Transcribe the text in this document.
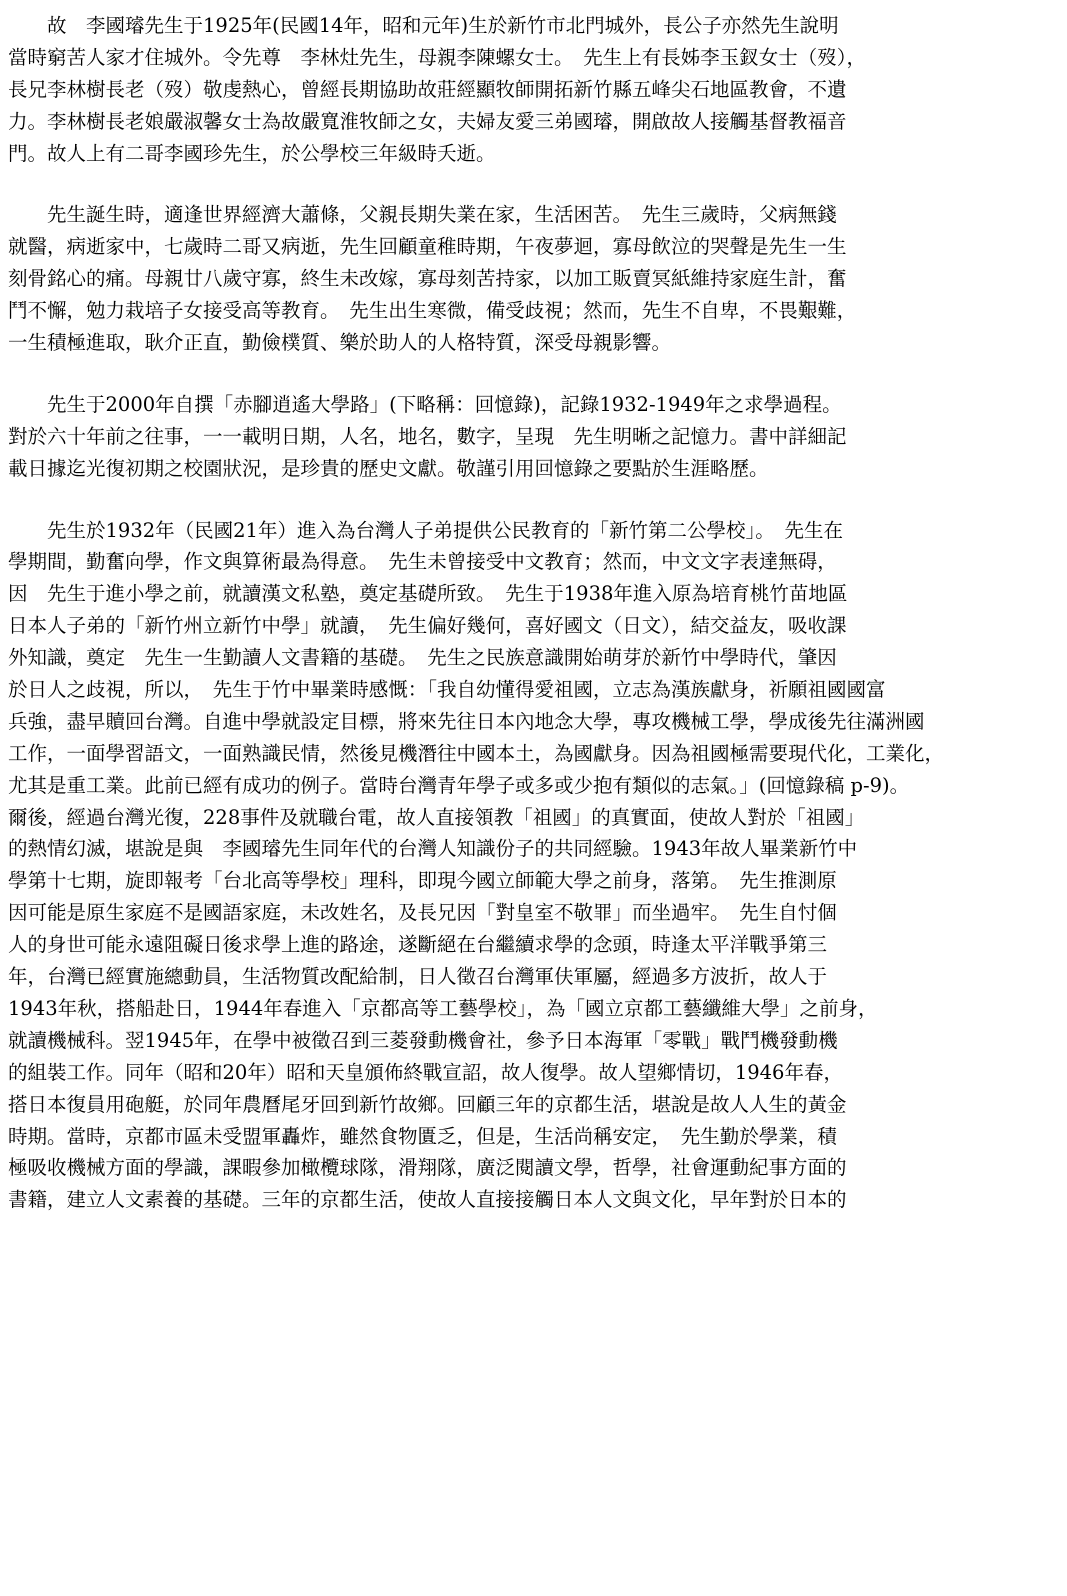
　　故　李國璿先生于1925年(民國14年，昭和元年)生於新竹市北門城外，長公子亦然先生說明
當時窮苦人家才住城外。令先尊　李林灶先生，母親李陳螺女士。　先生上有長姊李玉釵女士（歿），
長兄李林樹長老（歿）敬虔熱心，曾經長期協助故莊經顯牧師開拓新竹縣五峰尖石地區教會，不遺
力。李林樹長老娘嚴淑馨女士為故嚴寬淮牧師之女，夫婦友愛三弟國璿，開啟故人接觸基督教福音
門。故人上有二哥李國珍先生，於公學校三年級時夭逝。
　　先生誕生時，適逢世界經濟大蕭條，父親長期失業在家，生活困苦。　先生三歲時，父病無錢
就醫，病逝家中，七歲時二哥又病逝，先生回顧童稚時期，午夜夢迴，寡母飲泣的哭聲是先生一生
刻骨銘心的痛。母親廿八歲守寡，終生未改嫁，寡母刻苦持家，以加工販賣冥紙維持家庭生計，奮
鬥不懈，勉力栽培子女接受高等教育。　先生出生寒微，備受歧視；然而，先生不自卑，不畏艱難，
一生積極進取，耿介正直，勤儉樸質、樂於助人的人格特質，深受母親影響。
　　先生于2000年自撰「赤腳逍遙大學路」(下略稱：回憶錄)，記錄1932-1949年之求學過程。
對於六十年前之往事，一一載明日期，人名，地名，數字，呈現　先生明晰之記憶力。書中詳細記
載日據迄光復初期之校園狀況，是珍貴的歷史文獻。敬謹引用回憶錄之要點於生涯略歷。
　　先生於1932年（民國21年）進入為台灣人子弟提供公民教育的「新竹第二公學校」。　先生在
學期間，勤奮向學，作文與算術最為得意。　先生未曾接受中文教育；然而，中文文字表達無碍，
因　先生于進小學之前，就讀漢文私塾，奠定基礎所致。　先生于1938年進入原為培育桃竹苗地區
日本人子弟的「新竹州立新竹中學」就讀，　先生偏好幾何，喜好國文（日文），結交益友，吸收課
外知識，奠定　先生一生勤讀人文書籍的基礎。　先生之民族意識開始萌芽於新竹中學時代，肇因
於日人之歧視，所以，　先生于竹中畢業時感慨：「我自幼懂得愛祖國，立志為漢族獻身，祈願祖國國富
兵強，盡早贖回台灣。自進中學就設定目標，將來先往日本內地念大學，專攻機械工學，學成後先往滿洲國
工作，一面學習語文，一面熟識民情，然後見機潛往中國本土，為國獻身。因為祖國極需要現代化，工業化，
尤其是重工業。此前已經有成功的例子。當時台灣青年學子或多或少抱有類似的志氣。」(回憶錄稿 p-9)。
爾後，經過台灣光復，228事件及就職台電，故人直接領教「祖國」的真實面，使故人對於「祖國」
的熱情幻滅，堪說是與　李國璿先生同年代的台灣人知識份子的共同經驗。1943年故人畢業新竹中
學第十七期，旋即報考「台北高等學校」理科，即現今國立師範大學之前身，落第。　先生推測原
因可能是原生家庭不是國語家庭，未改姓名，及長兄因「對皇室不敬罪」而坐過牢。　先生自忖個
人的身世可能永遠阻礙日後求學上進的路途，遂斷絕在台繼續求學的念頭，時逢太平洋戰爭第三
年，台灣已經實施總動員，生活物質改配給制，日人徵召台灣軍伕軍屬，經過多方波折，故人于
1943年秋，搭船赴日，1944年春進入「京都高等工藝學校」，為「國立京都工藝纖維大學」之前身，
就讀機械科。翌1945年，在學中被徵召到三菱發動機會社，參予日本海軍「零戰」戰鬥機發動機
的組裝工作。同年（昭和20年）昭和天皇頒佈終戰宣詔，故人復學。故人望鄉情切，1946年春，
搭日本復員用砲艇，於同年農曆尾牙回到新竹故鄉。回顧三年的京都生活，堪說是故人人生的黃金
時期。當時，京都市區未受盟軍轟炸，雖然食物匱乏，但是，生活尚稱安定，　先生勤於學業，積
極吸收機械方面的學識，課暇參加橄欖球隊，滑翔隊，廣泛閱讀文學，哲學，社會運動紀事方面的
書籍，建立人文素養的基礎。三年的京都生活，使故人直接接觸日本人文與文化，早年對於日本的
